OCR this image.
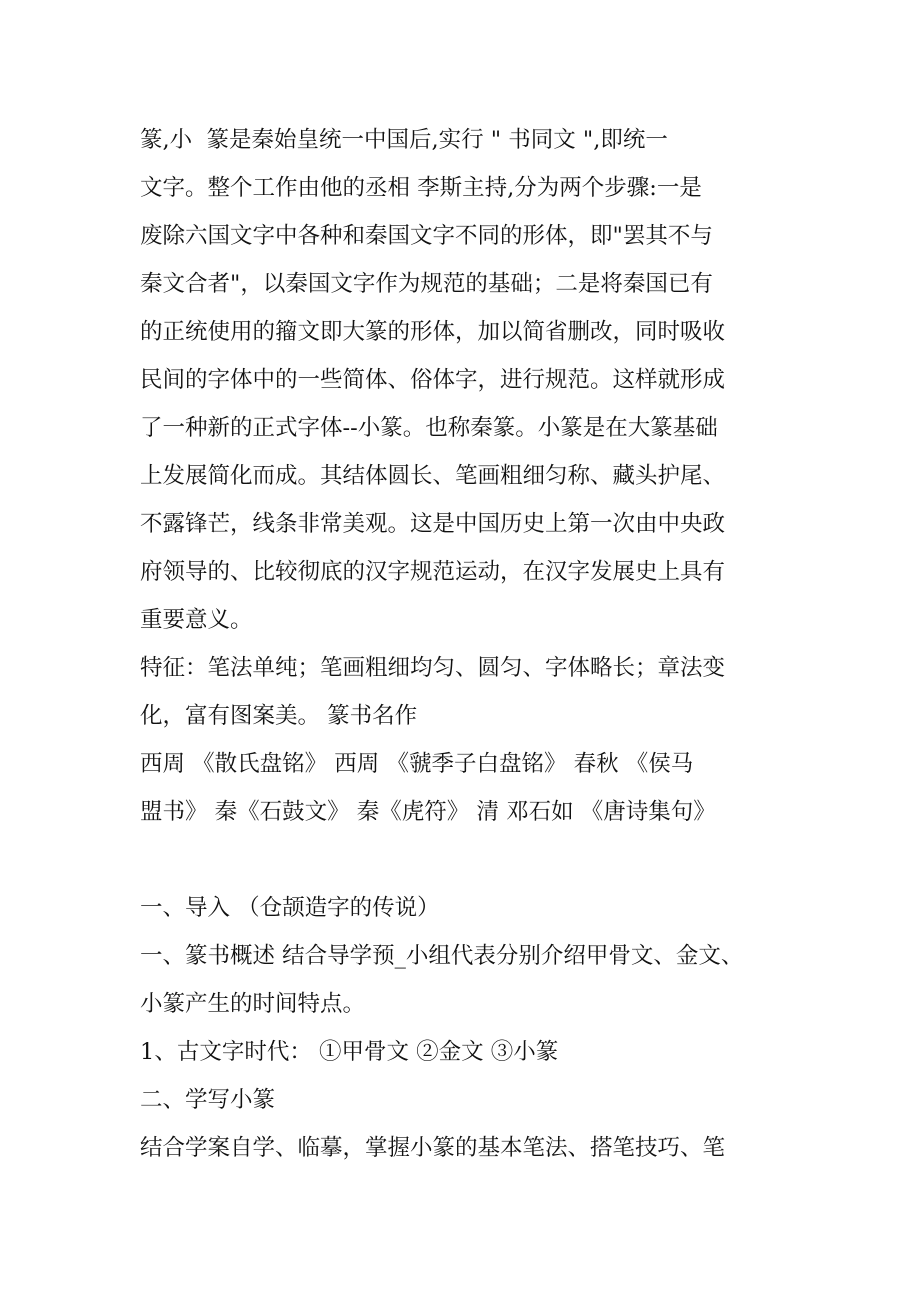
篆,小  篆是秦始皇统一中国后,实行 " 书同文 ",即统一
文字。整个工作由他的丞相 李斯主持,分为两个步骤:一是
废除六国文字中各种和秦国文字不同的形体，即"罢其不与
秦文合者"，以秦国文字作为规范的基础；二是将秦国已有
的正统使用的籀文即大篆的形体，加以简省删改，同时吸收
民间的字体中的一些简体、俗体字，进行规范。这样就形成
了一种新的正式字体--小篆。也称秦篆。小篆是在大篆基础
上发展简化而成。其结体圆长、笔画粗细匀称、藏头护尾、
不露锋芒，线条非常美观。这是中国历史上第一次由中央政
府领导的、比较彻底的汉字规范运动，在汉字发展史上具有
重要意义。
特征：笔法单纯；笔画粗细均匀、圆匀、字体略长；章法变
化，富有图案美。 篆书名作
西周 《散氏盘铭》 西周 《虢季子白盘铭》 春秋 《侯马
盟书》 秦《石鼓文》 秦《虎符》 清 邓石如 《唐诗集句》
一、导入 （仓颉造字的传说）
一、篆书概述 结合导学预_小组代表分别介绍甲骨文、金文、
小篆产生的时间特点。
1、古文字时代： ①甲骨文 ②金文 ③小篆
二、学写小篆
结合学案自学、临摹，掌握小篆的基本笔法、搭笔技巧、笔
